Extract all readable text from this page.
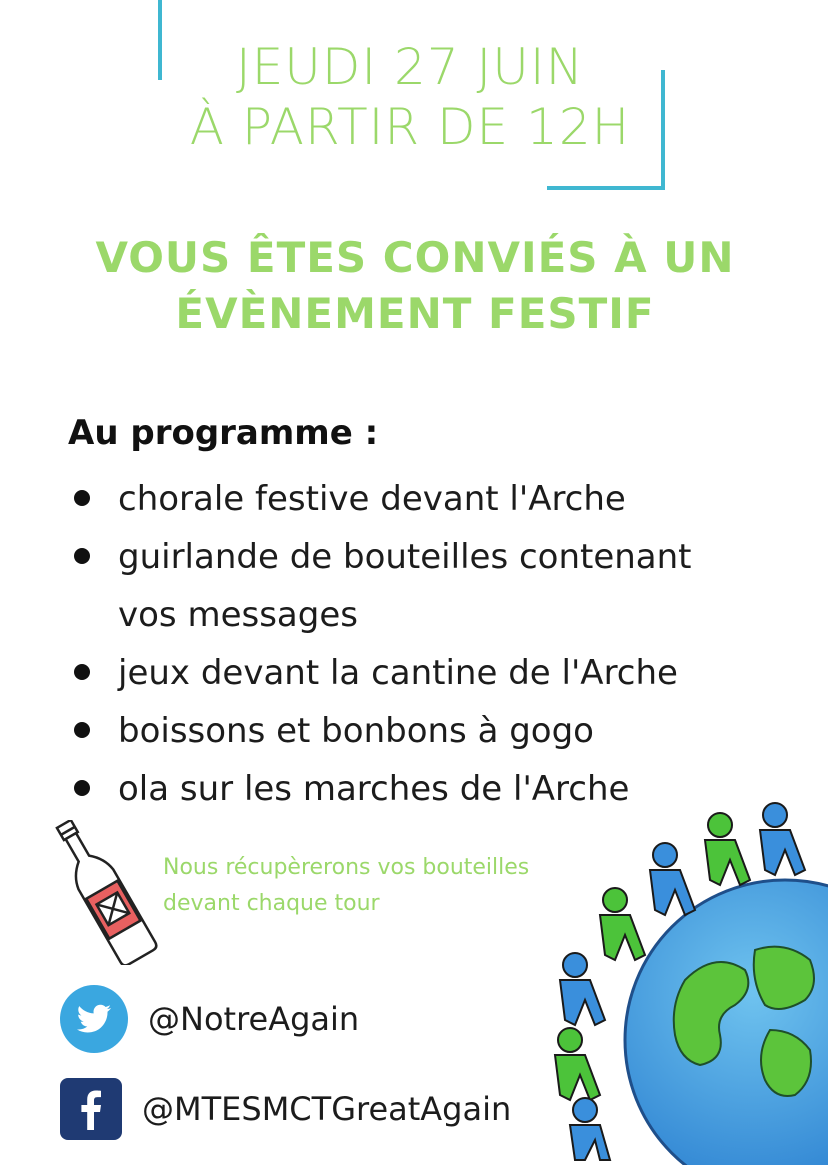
JEUDI 27 JUIN
À PARTIR DE 12H
VOUS ÊTES CONVIÉS À UN
ÉVÈNEMENT FESTIF
Au programme :
chorale festive devant l'Arche
guirlande de bouteilles contenant
vos messages
jeux devant la cantine de l'Arche
boissons et bonbons à gogo
ola sur les marches de l'Arche
Nous récupèrerons vos bouteilles
devant chaque tour
@NotreAgain
@MTESMCTGreatAgain
